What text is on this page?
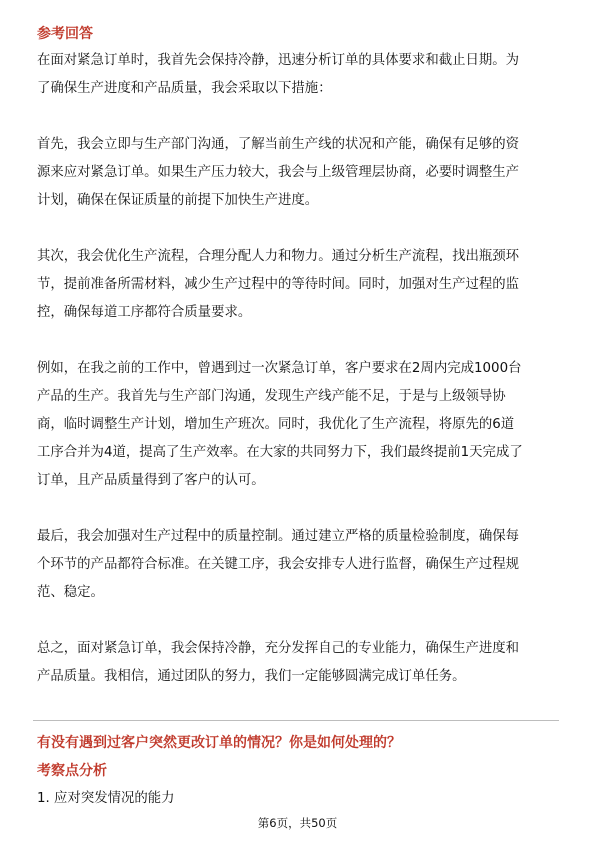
参考回答
在面对紧急订单时，我首先会保持冷静，迅速分析订单的具体要求和截止日期。为
了确保生产进度和产品质量，我会采取以下措施：
首先，我会立即与生产部门沟通，了解当前生产线的状况和产能，确保有足够的资
源来应对紧急订单。如果生产压力较大，我会与上级管理层协商，必要时调整生产
计划，确保在保证质量的前提下加快生产进度。
其次，我会优化生产流程，合理分配人力和物力。通过分析生产流程，找出瓶颈环
节，提前准备所需材料，减少生产过程中的等待时间。同时，加强对生产过程的监
控，确保每道工序都符合质量要求。
例如，在我之前的工作中，曾遇到过一次紧急订单，客户要求在2周内完成1000台
产品的生产。我首先与生产部门沟通，发现生产线产能不足，于是与上级领导协
商，临时调整生产计划，增加生产班次。同时，我优化了生产流程，将原先的6道
工序合并为4道，提高了生产效率。在大家的共同努力下，我们最终提前1天完成了
订单，且产品质量得到了客户的认可。
最后，我会加强对生产过程中的质量控制。通过建立严格的质量检验制度，确保每
个环节的产品都符合标准。在关键工序，我会安排专人进行监督，确保生产过程规
范、稳定。
总之，面对紧急订单，我会保持冷静，充分发挥自己的专业能力，确保生产进度和
产品质量。我相信，通过团队的努力，我们一定能够圆满完成订单任务。
有没有遇到过客户突然更改订单的情况？你是如何处理的？
考察点分析
1. 应对突发情况的能力
第6页，共50页
